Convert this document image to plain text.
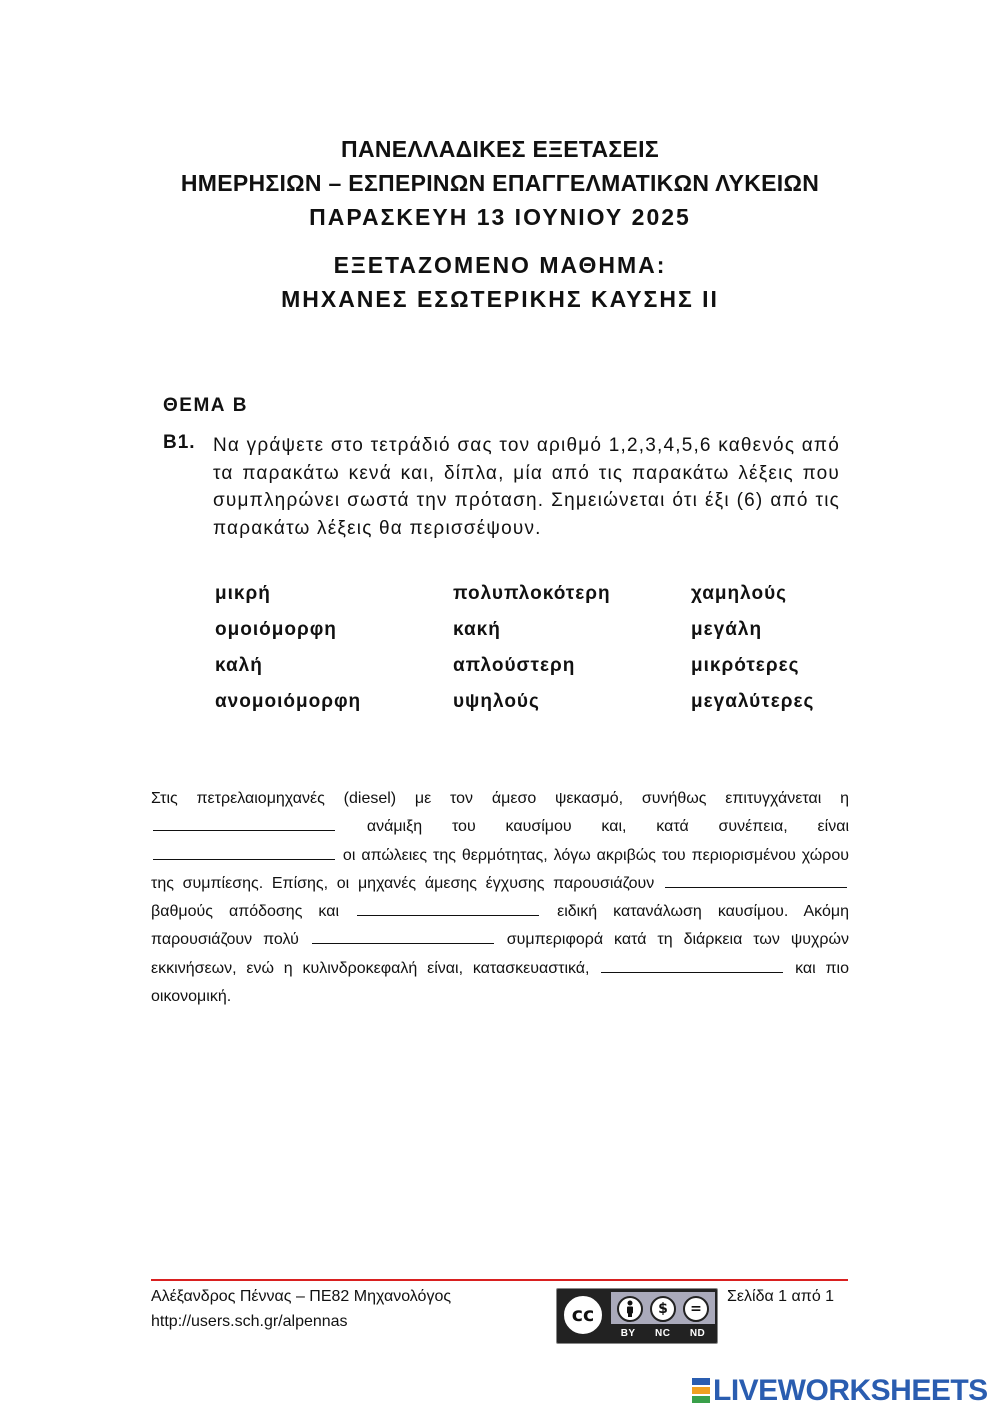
ΠΑΝΕΛΛΑΔΙΚΕΣ ΕΞΕΤΑΣΕΙΣ
ΗΜΕΡΗΣΙΩΝ – ΕΣΠΕΡΙΝΩΝ ΕΠΑΓΓΕΛΜΑΤΙΚΩΝ ΛΥΚΕΙΩΝ
ΠΑΡΑΣΚΕΥΗ 13 ΙΟΥΝΙΟΥ 2025
ΕΞΕΤΑΖΟΜΕΝΟ ΜΑΘΗΜΑ:
ΜΗΧΑΝΕΣ ΕΣΩΤΕΡΙΚΗΣ ΚΑΥΣΗΣ ΙΙ
ΘΕΜΑ Β
Β1. Να γράψετε στο τετράδιό σας τον αριθμό 1,2,3,4,5,6 καθενός από τα παρακάτω κενά και, δίπλα, μία από τις παρακάτω λέξεις που συμπληρώνει σωστά την πρόταση. Σημειώνεται ότι έξι (6) από τις παρακάτω λέξεις θα περισσέψουν.
μικρή	πολυπλοκότερη	χαμηλούς
ομοιόμορφη	κακή	μεγάλη
καλή	απλούστερη	μικρότερες
ανομοιόμορφη	υψηλούς	μεγαλύτερες
Στις πετρελαιομηχανές (diesel) με τον άμεσο ψεκασμό, συνήθως επιτυγχάνεται η  ανάμιξη του καυσίμου και, κατά συνέπεια, είναι  οι απώλειες της θερμότητας, λόγω ακριβώς του περιορισμένου χώρου της συμπίεσης. Επίσης, οι μηχανές άμεσης έγχυσης παρουσιάζουν  βαθμούς απόδοσης και	ειδική κατανάλωση καυσίμου. Ακόμη παρουσιάζουν πολύ	συμπεριφορά κατά τη διάρκεια των ψυχρών εκκινήσεων, ενώ η κυλινδροκεφαλή είναι, κατασκευαστικά,	και πιο οικονομική.
Αλέξανδρος Πέννας – ΠΕ82 Μηχανολόγος
http://users.sch.gr/alpennas
Σελίδα 1 από 1
cc	$	=
BY NC ND
LIVEWORKSHEETS
